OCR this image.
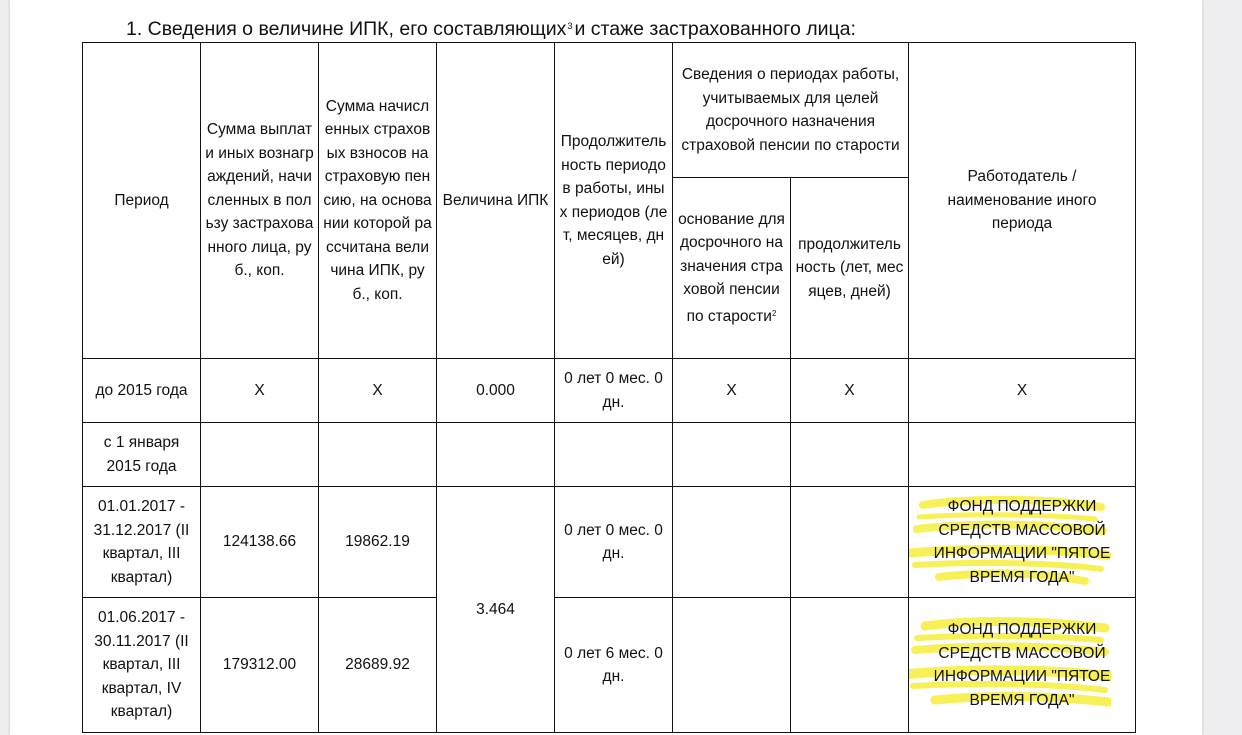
1. Сведения о величине ИПК, его составляющих$^3$ и стаже застрахованного лица:
Период	Сумма выплат и иных вознаграждений, начисленных в пользу застрахованного лица, руб., коп.	Сумма начисленных страховых взносов на страховую пенсию, на основании которой рассчитана величина ИПК, руб., коп.	Величина ИПК	Продолжительность периодов работы, иных периодов (лет, месяцев, дней)	Сведения о периодах работы, учитываемых для целей досрочного назначения страховой пенсии по старости		Работодатель / наименование иного периода
					основание для досрочного назначения страховой пенсии по старости$^2$	продолжительность (лет, месяцев, дней)	
до 2015 года	X	X	0.000	0 лет 0 мес. 0 дн.	X	X	X
с 1 января 2015 года							
01.01.2017 - 31.12.2017 (II квартал, III квартал)	124138.66	19862.19	3.464	0 лет 0 мес. 0 дн.			ФОНД ПОДДЕРЖКИ СРЕДСТВ МАССОВОЙ ИНФОРМАЦИИ "ПЯТОЕ ВРЕМЯ ГОДА"
01.06.2017 - 30.11.2017 (II квартал, III квартал, IV квартал)	179312.00	28689.92		0 лет 6 мес. 0 дн.			ФОНД ПОДДЕРЖКИ СРЕДСТВ МАССОВОЙ ИНФОРМАЦИИ "ПЯТОЕ ВРЕМЯ ГОДА"
